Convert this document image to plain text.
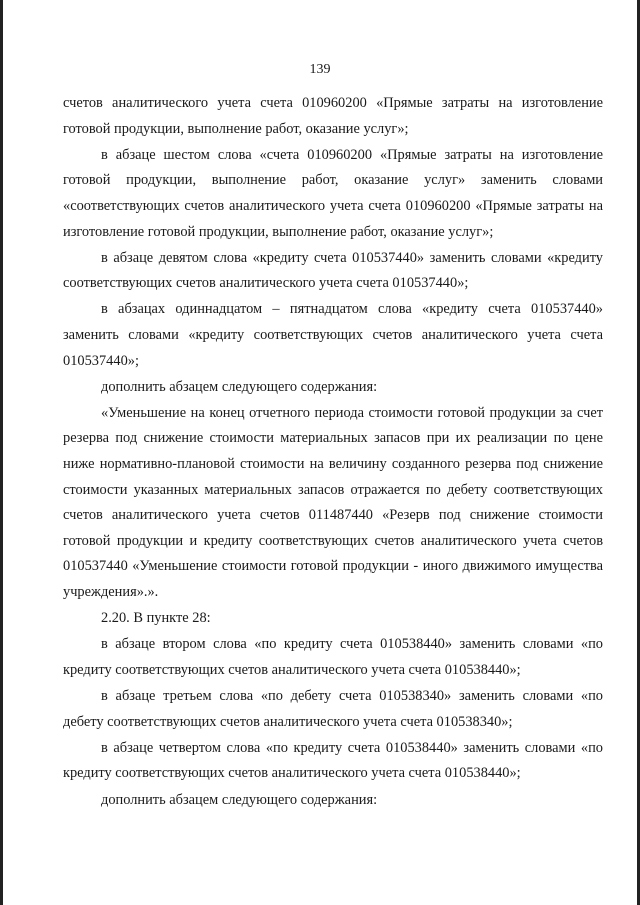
139

счетов аналитического учета счета 010960200 «Прямые затраты на изготовление готовой продукции, выполнение работ, оказание услуг»;

в абзаце шестом слова «счета 010960200 «Прямые затраты на изготовление готовой продукции, выполнение работ, оказание услуг» заменить словами «соответствующих счетов аналитического учета счета 010960200 «Прямые затраты на изготовление готовой продукции, выполнение работ, оказание услуг»;

в абзаце девятом слова «кредиту счета 010537440» заменить словами «кредиту соответствующих счетов аналитического учета счета 010537440»;

в абзацах одиннадцатом – пятнадцатом слова «кредиту счета 010537440» заменить словами «кредиту соответствующих счетов аналитического учета счета 010537440»;

дополнить абзацем следующего содержания:

«Уменьшение на конец отчетного периода стоимости готовой продукции за счет резерва под снижение стоимости материальных запасов при их реализации по цене ниже нормативно-плановой стоимости на величину созданного резерва под снижение стоимости указанных материальных запасов отражается по дебету соответствующих счетов аналитического учета счетов 011487440 «Резерв под снижение стоимости готовой продукции и кредиту соответствующих счетов аналитического учета счетов 010537440 «Уменьшение стоимости готовой продукции - иного движимого имущества учреждения».».

2.20. В пункте 28:

в абзаце втором слова «по кредиту счета 010538440» заменить словами «по кредиту соответствующих счетов аналитического учета счета 010538440»;

в абзаце третьем слова «по дебету счета 010538340» заменить словами «по дебету соответствующих счетов аналитического учета счета 010538340»;

в абзаце четвертом слова «по кредиту счета 010538440» заменить словами «по кредиту соответствующих счетов аналитического учета счета 010538440»;

дополнить абзацем следующего содержания:
